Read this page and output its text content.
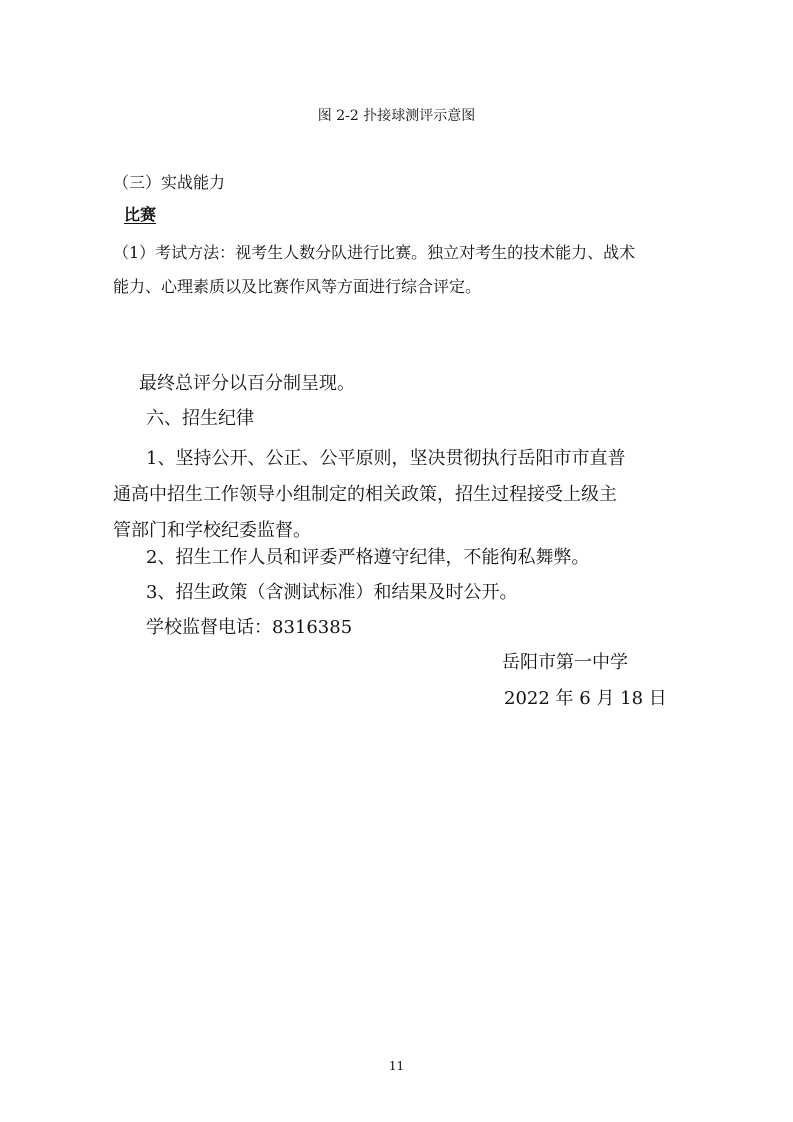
图 2-2 扑接球测评示意图
（三）实战能力
比赛
（1）考试方法：视考生人数分队进行比赛。独立对考生的技术能力、战术
能力、心理素质以及比赛作风等方面进行综合评定。
最终总评分以百分制呈现。
六、招生纪律
1、坚持公开、公正、公平原则，坚决贯彻执行岳阳市市直普
通高中招生工作领导小组制定的相关政策，招生过程接受上级主
管部门和学校纪委监督。
2、招生工作人员和评委严格遵守纪律，不能徇私舞弊。
3、招生政策（含测试标准）和结果及时公开。
学校监督电话：8316385
岳阳市第一中学
2022 年 6 月 18 日
11
